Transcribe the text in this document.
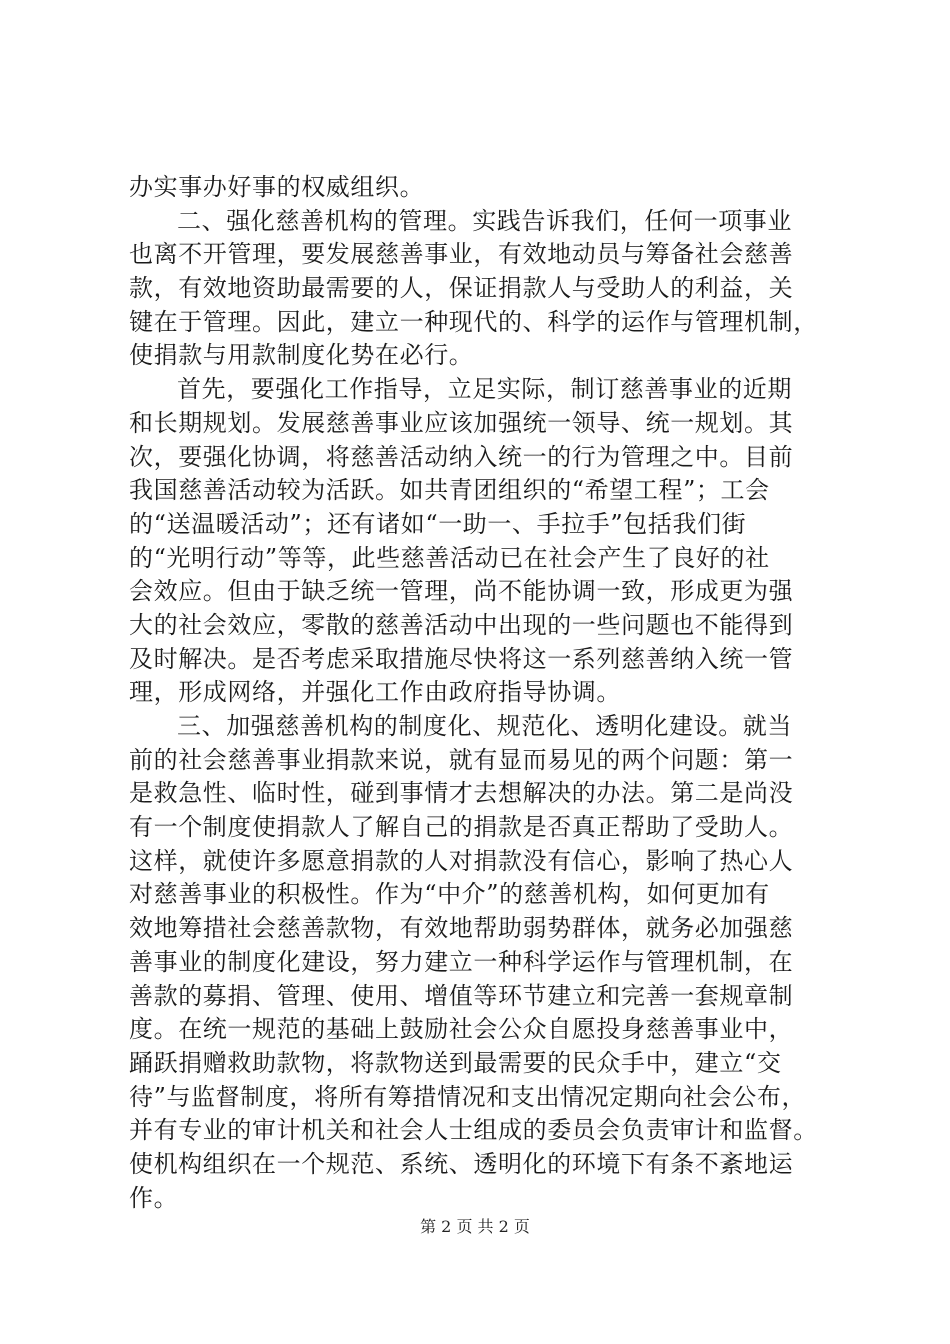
办实事办好事的权威组织。
二、强化慈善机构的管理。实践告诉我们，任何一项事业
也离不开管理，要发展慈善事业，有效地动员与筹备社会慈善
款，有效地资助最需要的人，保证捐款人与受助人的利益，关
键在于管理。因此，建立一种现代的、科学的运作与管理机制，
使捐款与用款制度化势在必行。
首先，要强化工作指导，立足实际，制订慈善事业的近期
和长期规划。发展慈善事业应该加强统一领导、统一规划。其
次，要强化协调，将慈善活动纳入统一的行为管理之中。目前
我国慈善活动较为活跃。如共青团组织的“希望工程”；工会
的“送温暖活动”；还有诸如“一助一、手拉手”包括我们街
的“光明行动”等等，此些慈善活动已在社会产生了良好的社
会效应。但由于缺乏统一管理，尚不能协调一致，形成更为强
大的社会效应，零散的慈善活动中出现的一些问题也不能得到
及时解决。是否考虑采取措施尽快将这一系列慈善纳入统一管
理，形成网络，并强化工作由政府指导协调。
三、加强慈善机构的制度化、规范化、透明化建设。就当
前的社会慈善事业捐款来说，就有显而易见的两个问题：第一
是救急性、临时性，碰到事情才去想解决的办法。第二是尚没
有一个制度使捐款人了解自己的捐款是否真正帮助了受助人。
这样，就使许多愿意捐款的人对捐款没有信心，影响了热心人
对慈善事业的积极性。作为“中介”的慈善机构，如何更加有
效地筹措社会慈善款物，有效地帮助弱势群体，就务必加强慈
善事业的制度化建设，努力建立一种科学运作与管理机制，在
善款的募捐、管理、使用、增值等环节建立和完善一套规章制
度。在统一规范的基础上鼓励社会公众自愿投身慈善事业中，
踊跃捐赠救助款物，将款物送到最需要的民众手中，建立“交
待”与监督制度，将所有筹措情况和支出情况定期向社会公布，
并有专业的审计机关和社会人士组成的委员会负责审计和监督。
使机构组织在一个规范、系统、透明化的环境下有条不紊地运
作。
第 2 页 共 2 页
